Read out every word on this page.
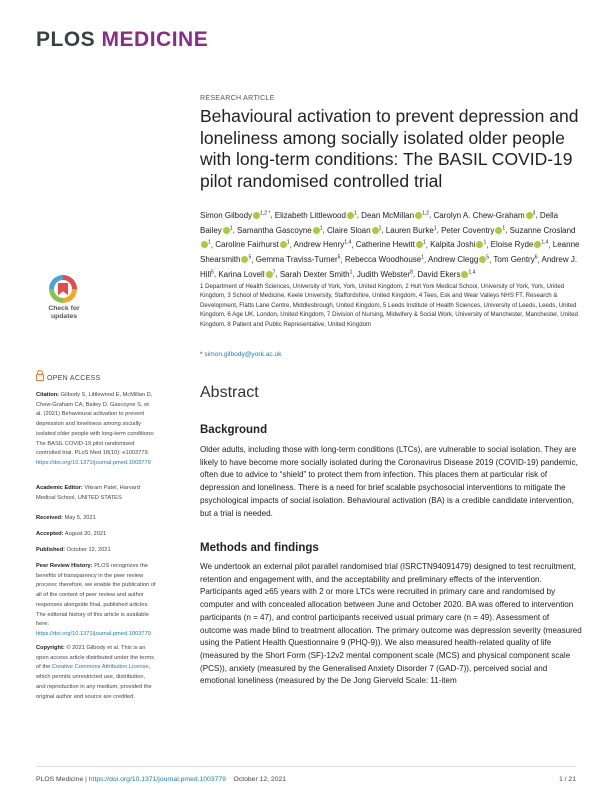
PLOS MEDICINE
RESEARCH ARTICLE
Behavioural activation to prevent depression and loneliness among socially isolated older people with long-term conditions: The BASIL COVID-19 pilot randomised controlled trial
Simon Gilbody $^{1,2 *}$, Elizabeth Littlewood $^1$, Dean McMillan $^{1,2}$, Carolyn A. Chew-Graham $^3$, Della Bailey $^1$, Samantha Gascoyne $^1$, Claire Sloan $^1$, Lauren Burke$^1$, Peter Coventry $^1$, Suzanne Crosland$^1$, Caroline Fairhurst $^1$, Andrew Henry$^{1,4}$, Catherine Hewitt $^1$, Kalpita Joshi $^1$, Eloise Ryde $^{1,4}$, Leanne Shearsmith $^5$, Gemma Traviss-Turner$^5$, Rebecca Woodhouse$^1$, Andrew Clegg $^5$, Tom Gentry$^6$, Andrew J. Hill$^5$, Karina Lovell $^7$, Sarah Dexter Smith$^1$, Judith Webster$^8$, David Ekers $^{1,4}$
1 Department of Health Sciences, University of York, York, United Kingdom, 2 Hull York Medical School, University of York, York, United Kingdom, 3 School of Medicine, Keele University, Staffordshire, United Kingdom, 4 Tees, Esk and Wear Valleys NHS FT, Research & Development, Flatts Lane Centre, Middlesbrough, United Kingdom, 5 Leeds Institute of Health Sciences, University of Leeds, Leeds, United Kingdom, 6 Age UK, London, United Kingdom, 7 Division of Nursing, Midwifery & Social Work, University of Manchester, Manchester, United Kingdom, 8 Patient and Public Representative, United Kingdom
* simon.gilbody@york.ac.uk
Check for updates
OPEN ACCESS
Citation: Gilbody S, Littlewood E, McMillan D, Chew-Graham CA, Bailey D, Gascoyne S, et al. (2021) Behavioural activation to prevent depression and loneliness among socially isolated older people with long-term conditions: The BASIL COVID-19 pilot randomised controlled trial. PLoS Med 18(10): e1003779. https://doi.org/10.1371/journal.pmed.1003779
Academic Editor: Vikram Patel, Harvard Medical School, UNITED STATES
Received: May 5, 2021
Accepted: August 20, 2021
Published: October 12, 2021
Peer Review History: PLOS recognizes the benefits of transparency in the peer review process; therefore, we enable the publication of all of the content of peer review and author responses alongside final, published articles. The editorial history of this article is available here: https://doi.org/10.1371/journal.pmed.1003779
Copyright: © 2021 Gilbody et al. This is an open access article distributed under the terms of the Creative Commons Attribution License, which permits unrestricted use, distribution, and reproduction in any medium, provided the original author and source are credited.
Abstract
Background
Older adults, including those with long-term conditions (LTCs), are vulnerable to social isolation. They are likely to have become more socially isolated during the Coronavirus Disease 2019 (COVID-19) pandemic, often due to advice to “shield” to protect them from infection. This places them at particular risk of depression and loneliness. There is a need for brief scalable psychosocial interventions to mitigate the psychological impacts of social isolation. Behavioural activation (BA) is a credible candidate intervention, but a trial is needed.
Methods and findings
We undertook an external pilot parallel randomised trial (ISRCTN94091479) designed to test recruitment, retention and engagement with, and the acceptability and preliminary effects of the intervention. Participants aged ≥65 years with 2 or more LTCs were recruited in primary care and randomised by computer and with concealed allocation between June and October 2020. BA was offered to intervention participants (n = 47), and control participants received usual primary care (n = 49). Assessment of outcome was made blind to treatment allocation. The primary outcome was depression severity (measured using the Patient Health Questionnaire 9 (PHQ-9)). We also measured health-related quality of life (measured by the Short Form (SF)-12v2 mental component scale (MCS) and physical component scale (PCS)), anxiety (measured by the Generalised Anxiety Disorder 7 (GAD-7)), perceived social and emotional loneliness (measured by the De Jong Gierveld Scale: 11-item
PLOS Medicine | https://doi.org/10.1371/journal.pmed.1003779 October 12, 2021	1 / 21
